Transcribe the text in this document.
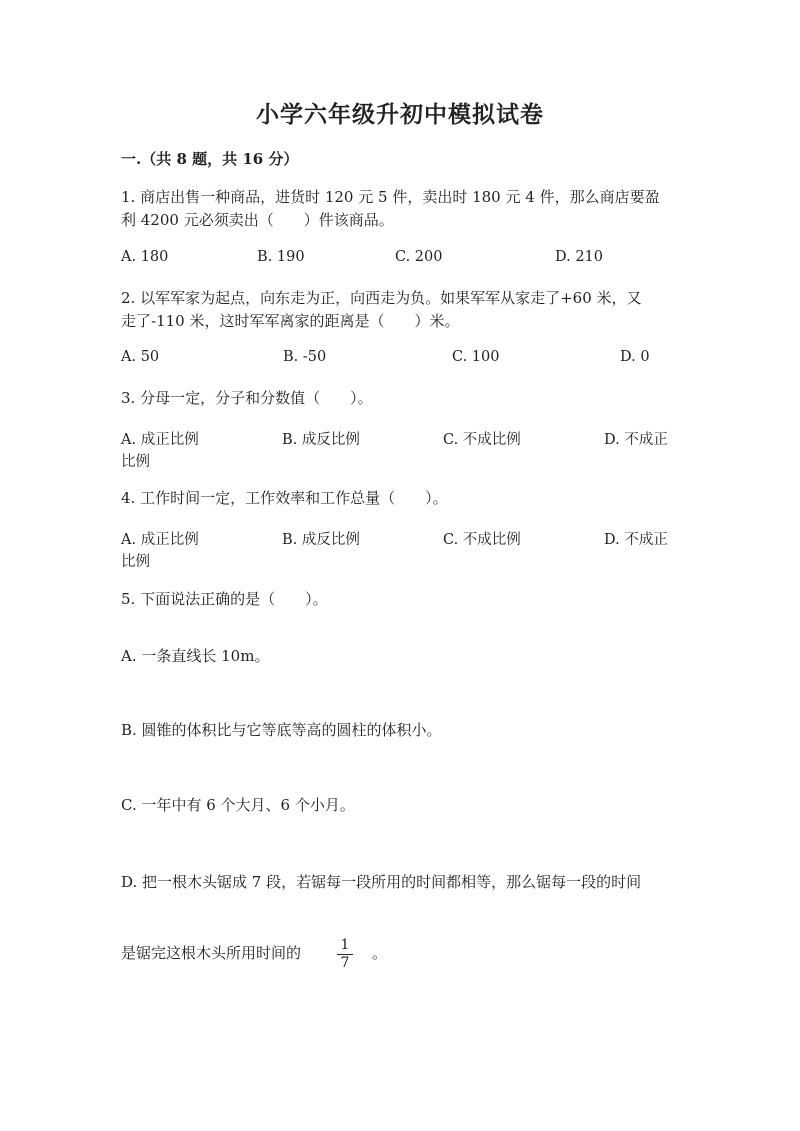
小学六年级升初中模拟试卷
一.（共 8 题，共 16 分）
1. 商店出售一种商品，进货时 120 元 5 件，卖出时 180 元 4 件，那么商店要盈
利 4200 元必须卖出（　　）件该商品。
A. 180	B. 190	C. 200	D. 210
2. 以军军家为起点，向东走为正，向西走为负。如果军军从家走了+60 米，又
走了-110 米，这时军军离家的距离是（　　）米。
A. 50	B. -50	C. 100	D. 0
3. 分母一定，分子和分数值（　　）。
A. 成正比例	B. 成反比例	C. 不成比例	D. 不成正
比例
4. 工作时间一定，工作效率和工作总量（　　）。
A. 成正比例	B. 成反比例	C. 不成比例	D. 不成正
比例
5. 下面说法正确的是（　　）。
A. 一条直线长 10m。
B. 圆锥的体积比与它等底等高的圆柱的体积小。
C. 一年中有 6 个大月、6 个小月。
D. 把一根木头锯成 7 段，若锯每一段所用的时间都相等，那么锯每一段的时间
是锯完这根木头所用时间的	1
7
。
